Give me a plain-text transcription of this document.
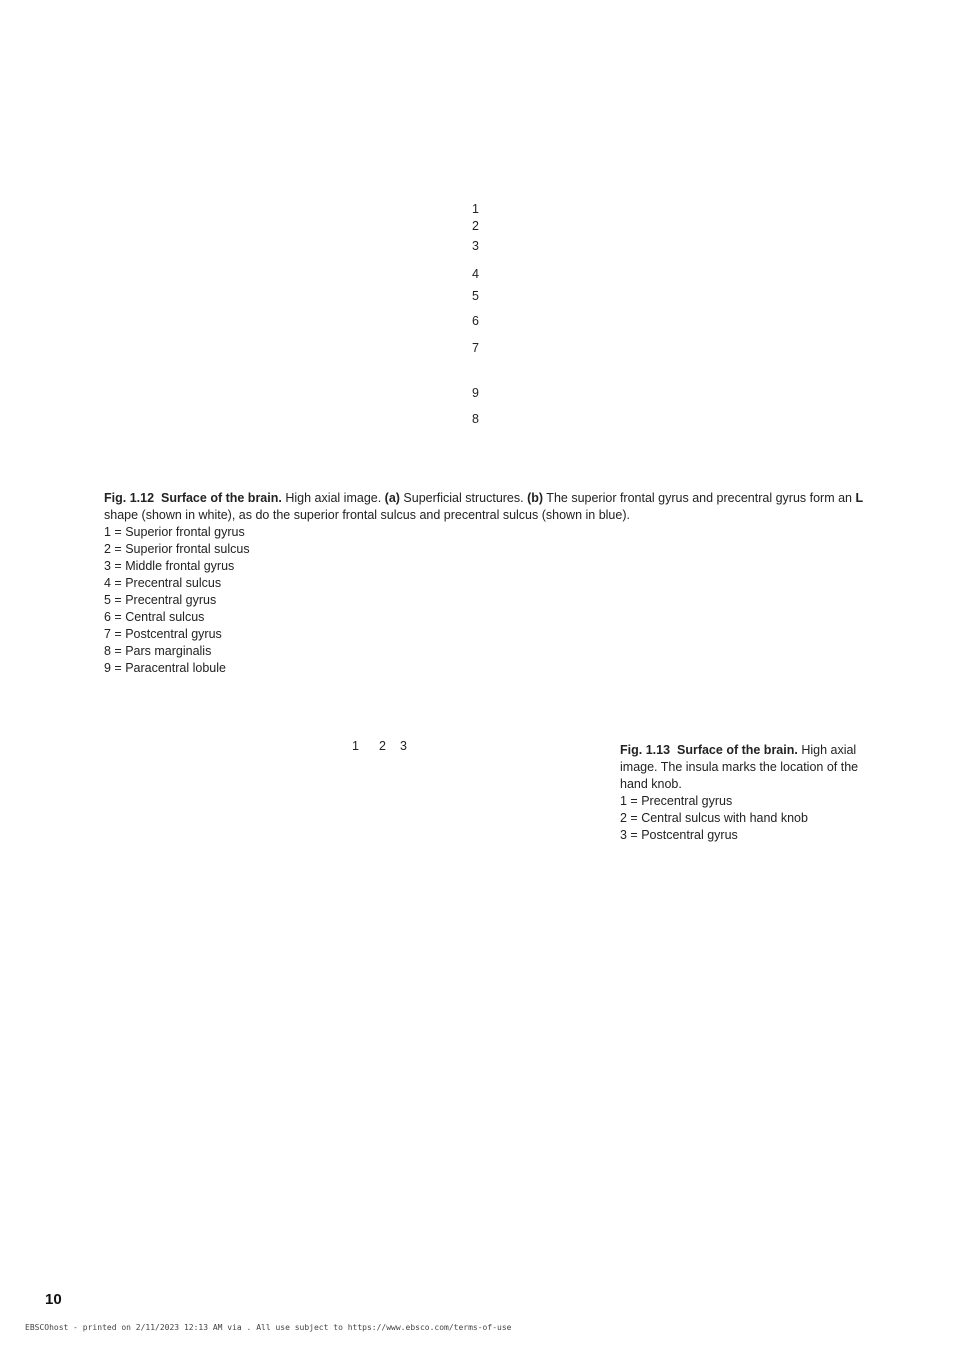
1
2
3
4
5
6
7
9
8
Fig. 1.12 Surface of the brain. High axial image. (a) Superficial structures. (b) The superior frontal gyrus and precentral gyrus form an L shape (shown in white), as do the superior frontal sulcus and precentral sulcus (shown in blue).
1 = Superior frontal gyrus
2 = Superior frontal sulcus
3 = Middle frontal gyrus
4 = Precentral sulcus
5 = Precentral gyrus
6 = Central sulcus
7 = Postcentral gyrus
8 = Pars marginalis
9 = Paracentral lobule
1 2 3	Fig. 1.13 Surface of the brain. High axial image. The insula marks the location of the hand knob.
1 = Precentral gyrus
2 = Central sulcus with hand knob
3 = Postcentral gyrus
10
EBSCOhost - printed on 2/11/2023 12:13 AM via . All use subject to https://www.ebsco.com/terms-of-use
